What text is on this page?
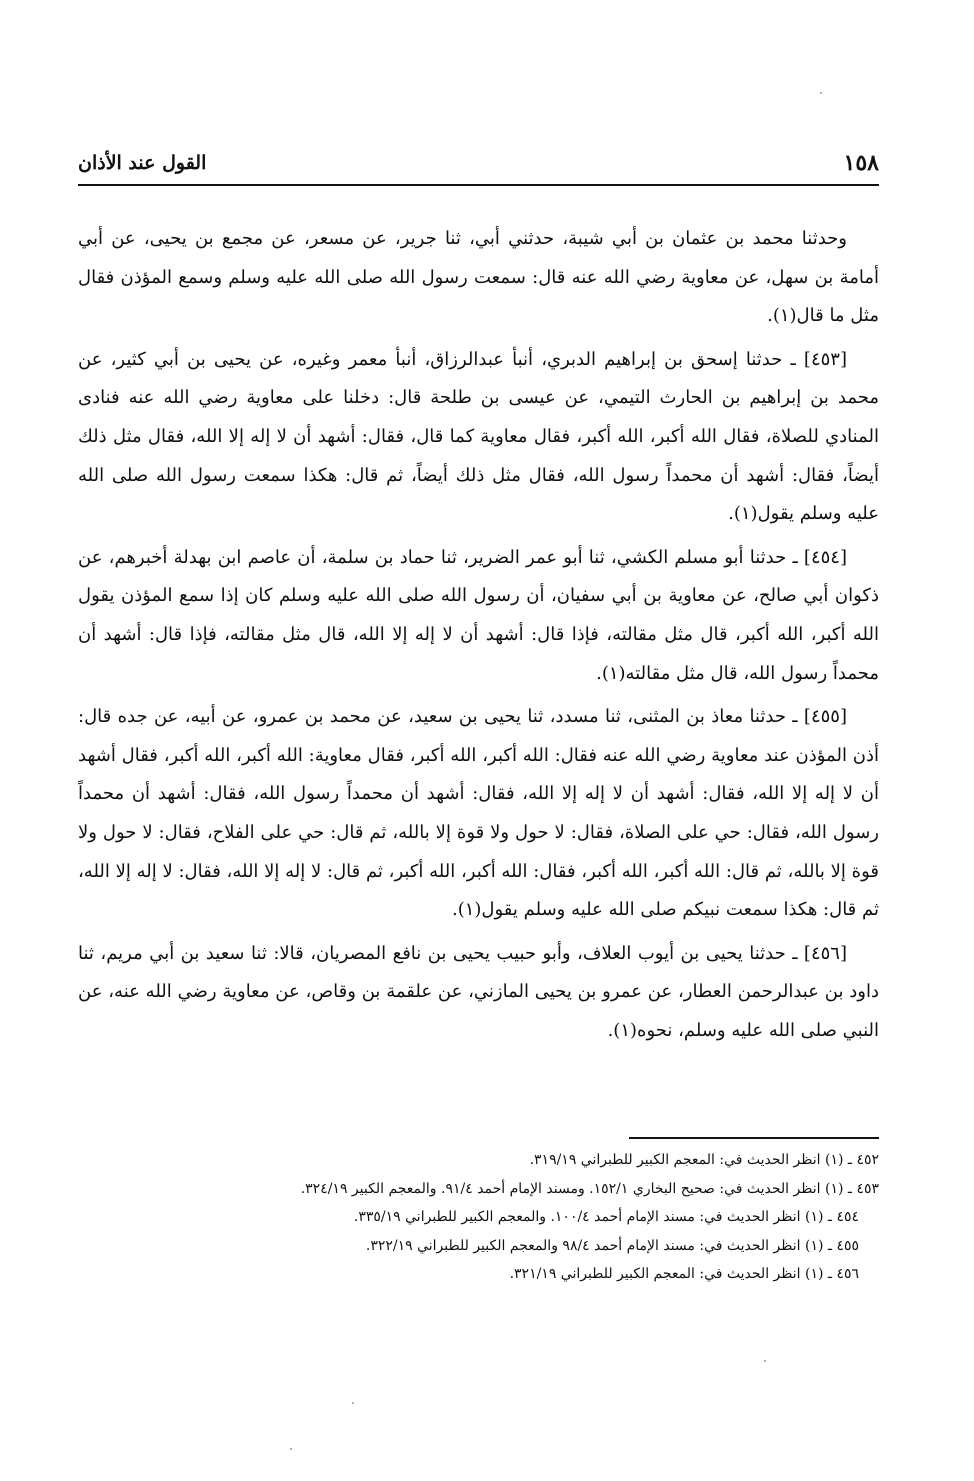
القول عند الأذان	١٥٨

وحدثنا محمد بن عثمان بن أبي شيبة، حدثني أبي، ثنا جرير، عن مسعر، عن مجمع بن يحيى، عن أبي أمامة بن سهل، عن معاوية رضي الله عنه قال: سمعت رسول الله صلى الله عليه وسلم وسمع المؤذن فقال مثل ما قال(١).

[٤٥٣] ـ حدثنا إسحق بن إبراهيم الدبري، أنبأ عبدالرزاق، أنبأ معمر وغيره، عن يحيى بن أبي كثير، عن محمد بن إبراهيم بن الحارث التيمي، عن عيسى بن طلحة قال: دخلنا على معاوية رضي الله عنه فنادى المنادي للصلاة، فقال الله أكبر، الله أكبر، فقال معاوية كما قال، فقال: أشهد أن لا إله إلا الله، فقال مثل ذلك أيضاً، فقال: أشهد أن محمداً رسول الله، فقال مثل ذلك أيضاً، ثم قال: هكذا سمعت رسول الله صلى الله عليه وسلم يقول(١).

[٤٥٤] ـ حدثنا أبو مسلم الكشي، ثنا أبو عمر الضرير، ثنا حماد بن سلمة، أن عاصم ابن بهدلة أخبرهم، عن ذكوان أبي صالح، عن معاوية بن أبي سفيان، أن رسول الله صلى الله عليه وسلم كان إذا سمع المؤذن يقول الله أكبر، الله أكبر، قال مثل مقالته، فإذا قال: أشهد أن لا إله إلا الله، قال مثل مقالته، فإذا قال: أشهد أن محمداً رسول الله، قال مثل مقالته(١).

[٤٥٥] ـ حدثنا معاذ بن المثنى، ثنا مسدد، ثنا يحيى بن سعيد، عن محمد بن عمرو، عن أبيه، عن جده قال: أذن المؤذن عند معاوية رضي الله عنه فقال: الله أكبر، الله أكبر، فقال معاوية: الله أكبر، الله أكبر، فقال أشهد أن لا إله إلا الله، فقال: أشهد أن لا إله إلا الله، فقال: أشهد أن محمداً رسول الله، فقال: أشهد أن محمداً رسول الله، فقال: حي على الصلاة، فقال: لا حول ولا قوة إلا بالله، ثم قال: حي على الفلاح، فقال: لا حول ولا قوة إلا بالله، ثم قال: الله أكبر، الله أكبر، فقال: الله أكبر، الله أكبر، ثم قال: لا إله إلا الله، فقال: لا إله إلا الله، ثم قال: هكذا سمعت نبيكم صلى الله عليه وسلم يقول(١).

[٤٥٦] ـ حدثنا يحيى بن أيوب العلاف، وأبو حبيب يحيى بن نافع المصريان، قالا: ثنا سعيد بن أبي مريم، ثنا داود بن عبدالرحمن العطار، عن عمرو بن يحيى المازني، عن علقمة بن وقاص، عن معاوية رضي الله عنه، عن النبي صلى الله عليه وسلم، نحوه(١).

٤٥٢ ـ (١) انظر الحديث في: المعجم الكبير للطبراني ٣١٩/١٩.
٤٥٣ ـ (١) انظر الحديث في: صحيح البخاري ١٥٢/١. ومسند الإمام أحمد ٩١/٤. والمعجم الكبير ٣٢٤/١٩.
٤٥٤ ـ (١) انظر الحديث في: مسند الإمام أحمد ١٠٠/٤. والمعجم الكبير للطبراني ٣٣٥/١٩.
٤٥٥ ـ (١) انظر الحديث في: مسند الإمام أحمد ٩٨/٤ والمعجم الكبير للطبراني ٣٢٢/١٩.
٤٥٦ ـ (١) انظر الحديث في: المعجم الكبير للطبراني ٣٢١/١٩.
